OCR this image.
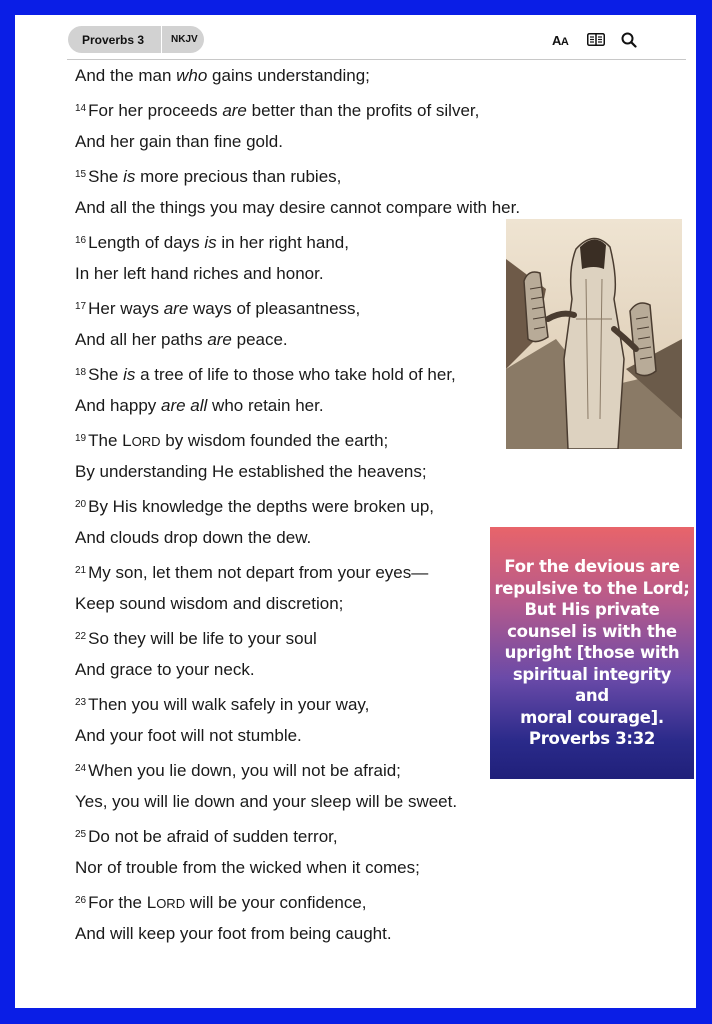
Proverbs 3	NKJV	AA
And the man who gains understanding;
$^{14}$ For her proceeds are better than the profits of silver,
And her gain than fine gold.
$^{15}$ She is more precious than rubies,
And all the things you may desire cannot compare with her.
$^{16}$ Length of days is in her right hand,
In her left hand riches and honor.
$^{17}$ Her ways are ways of pleasantness,
And all her paths are peace.
$^{18}$ She is a tree of life to those who take hold of her,
And happy are all who retain her.
$^{19}$ The LORD by wisdom founded the earth;
By understanding He established the heavens;
$^{20}$ By His knowledge the depths were broken up,
And clouds drop down the dew.
$^{21}$ My son, let them not depart from your eyes—
Keep sound wisdom and discretion;
$^{22}$ So they will be life to your soul
And grace to your neck.
$^{23}$ Then you will walk safely in your way,
And your foot will not stumble.
$^{24}$ When you lie down, you will not be afraid;
Yes, you will lie down and your sleep will be sweet.
$^{25}$ Do not be afraid of sudden terror,
Nor of trouble from the wicked when it comes;
$^{26}$ For the LORD will be your confidence,
And will keep your foot from being caught.
For the devious are
repulsive to the Lord;
But His private
counsel is with the
upright [those with
spiritual integrity and
moral courage].
Proverbs 3:32
